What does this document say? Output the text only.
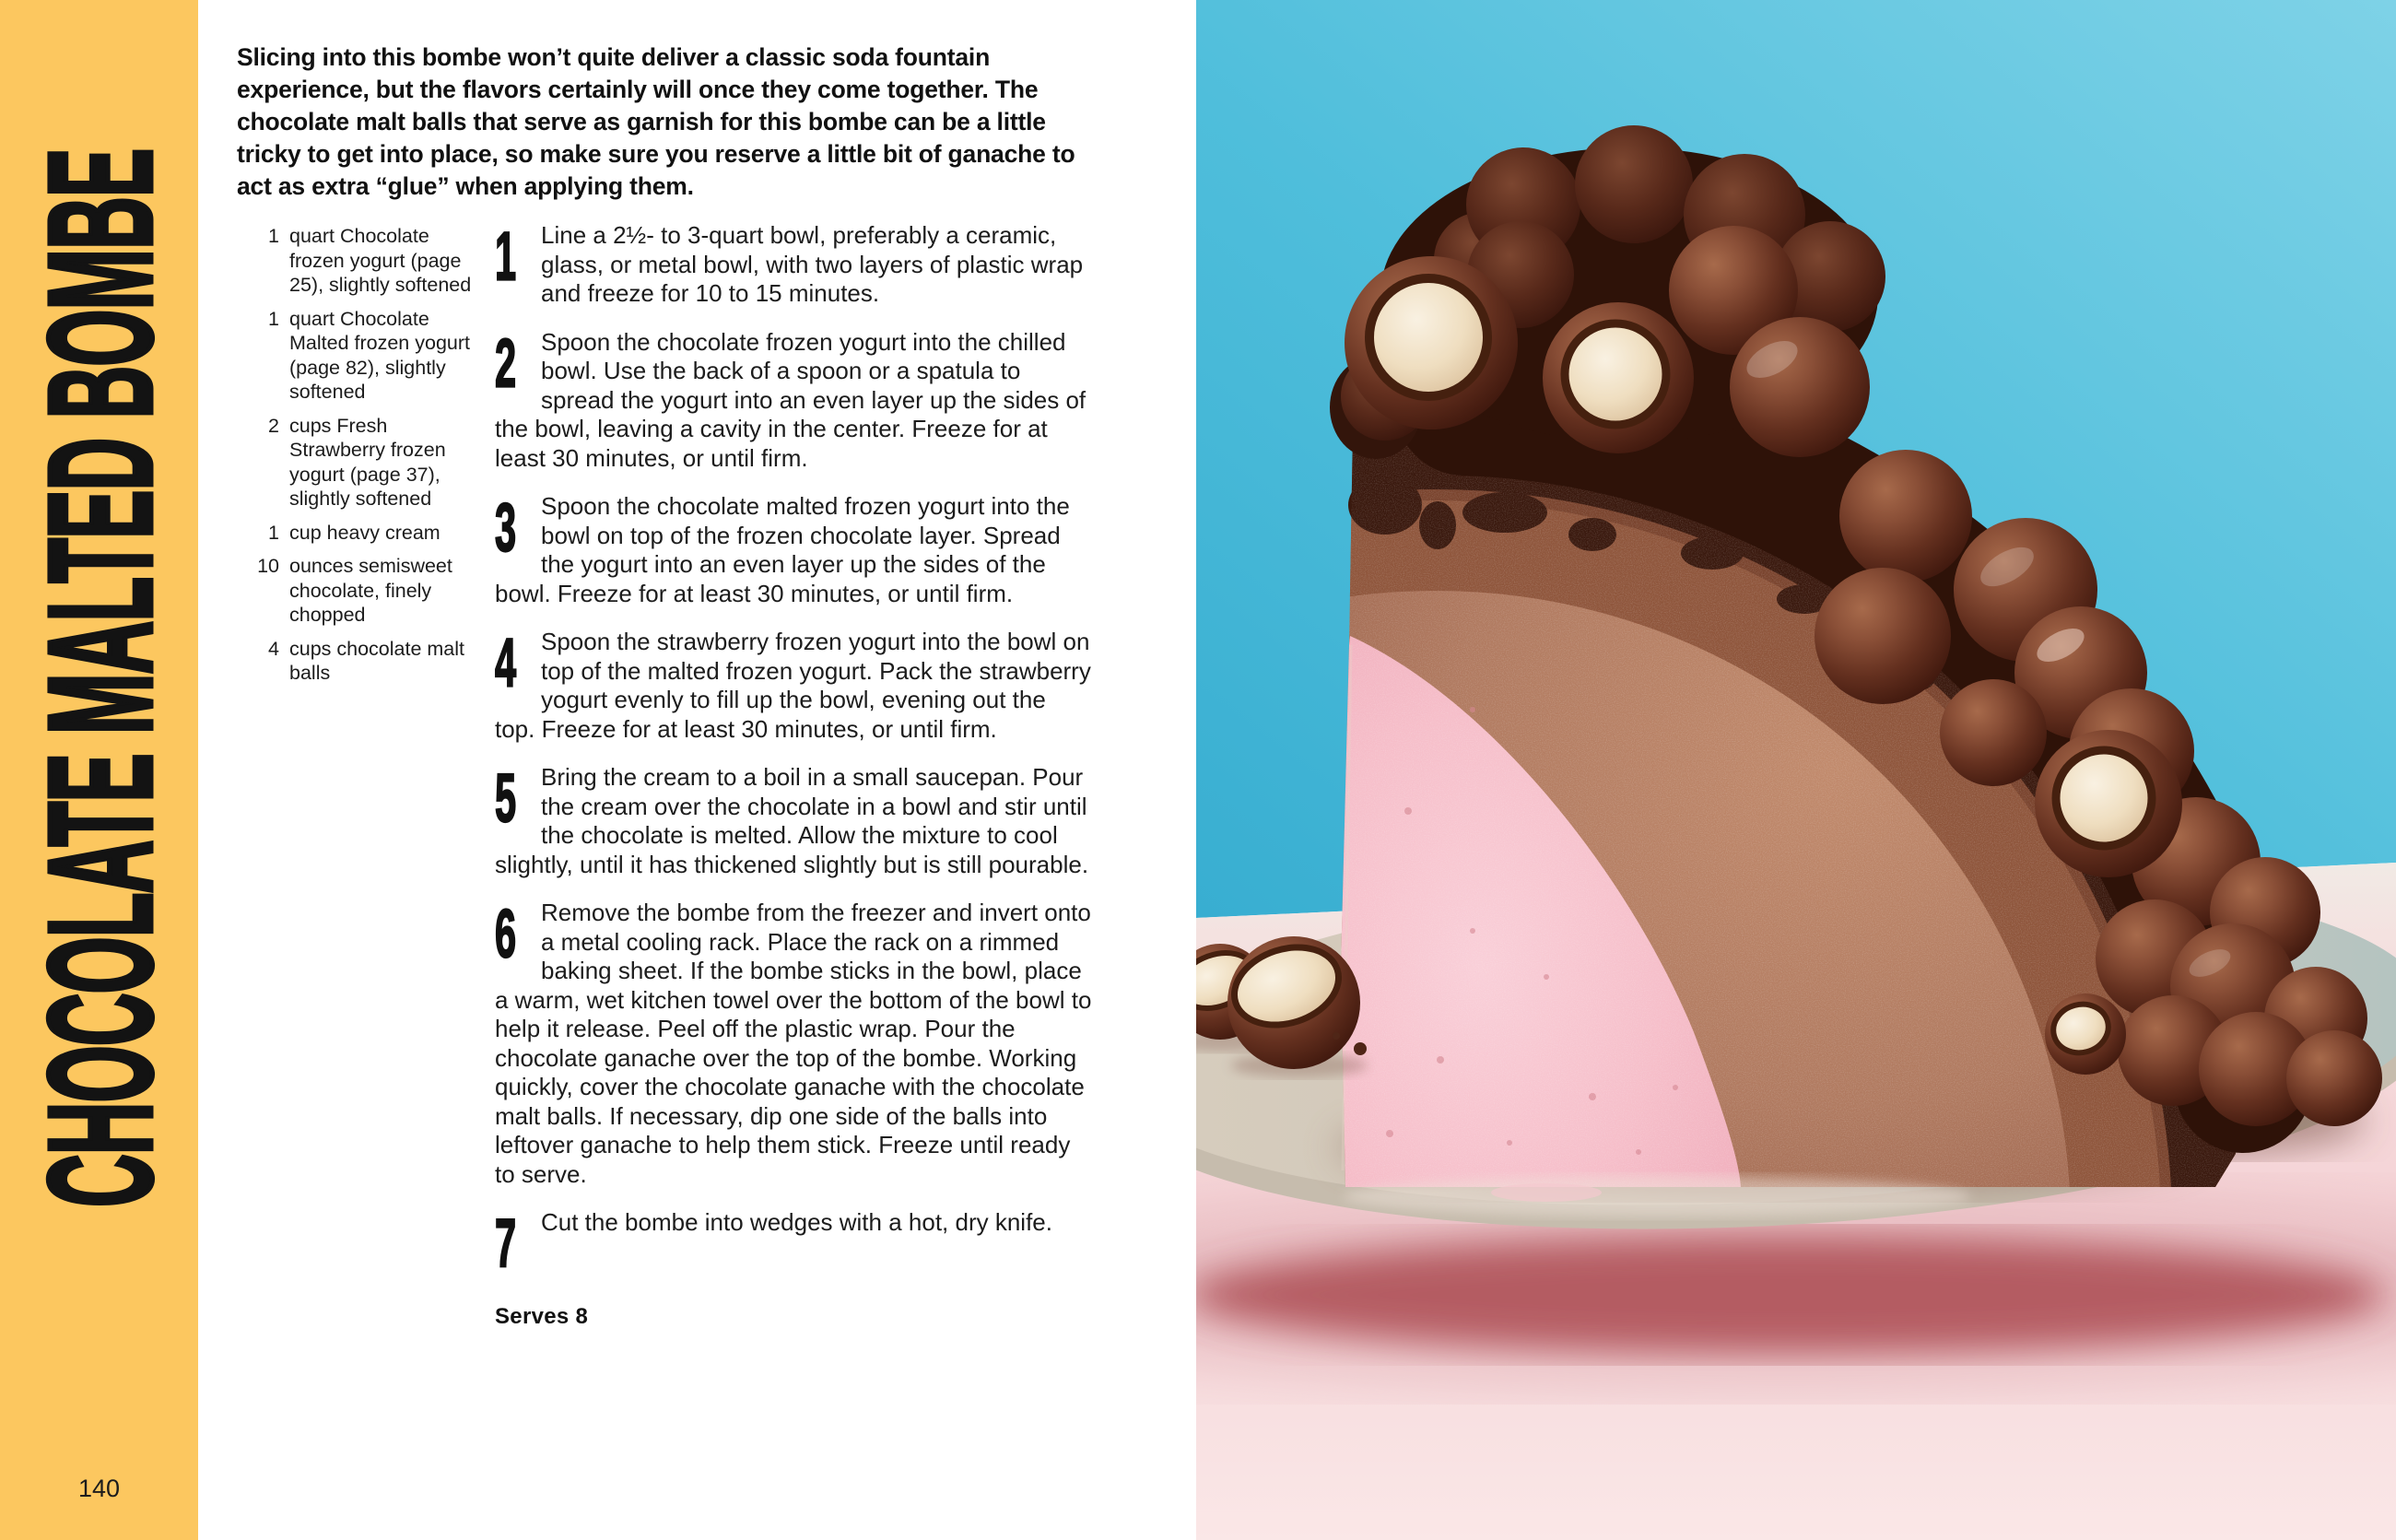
CHOCOLATE MALTED BOMBE
140
Slicing into this bombe won’t quite deliver a classic soda fountain experience, but the flavors certainly will once they come together. The chocolate malt balls that serve as garnish for this bombe can be a little tricky to get into place, so make sure you reserve a little bit of ganache to act as extra “glue” when applying them.
1 quart Chocolate frozen yogurt (page 25), slightly softened
1 quart Chocolate Malted frozen yogurt (page 82), slightly softened
2 cups Fresh Strawberry frozen yogurt (page 37), slightly softened
1 cup heavy cream
10 ounces semisweet chocolate, finely chopped
4 cups chocolate malt balls
1 Line a 2½- to 3-quart bowl, preferably a ceramic, glass, or metal bowl, with two layers of plastic wrap and freeze for 10 to 15 minutes.
2 Spoon the chocolate frozen yogurt into the chilled bowl. Use the back of a spoon or a spatula to spread the yogurt into an even layer up the sides of the bowl, leaving a cavity in the center. Freeze for at least 30 minutes, or until firm.
3 Spoon the chocolate malted frozen yogurt into the bowl on top of the frozen chocolate layer. Spread the yogurt into an even layer up the sides of the bowl. Freeze for at least 30 minutes, or until firm.
4 Spoon the strawberry frozen yogurt into the bowl on top of the malted frozen yogurt. Pack the strawberry yogurt evenly to fill up the bowl, evening out the top. Freeze for at least 30 minutes, or until firm.
5 Bring the cream to a boil in a small saucepan. Pour the cream over the chocolate in a bowl and stir until the chocolate is melted. Allow the mixture to cool slightly, until it has thickened slightly but is still pourable.
6 Remove the bombe from the freezer and invert onto a metal cooling rack. Place the rack on a rimmed baking sheet. If the bombe sticks in the bowl, place a warm, wet kitchen towel over the bottom of the bowl to help it release. Peel off the plastic wrap. Pour the chocolate ganache over the top of the bombe. Working quickly, cover the chocolate ganache with the chocolate malt balls. If necessary, dip one side of the balls into leftover ganache to help them stick. Freeze until ready to serve.
7 Cut the bombe into wedges with a hot, dry knife.
Serves 8
